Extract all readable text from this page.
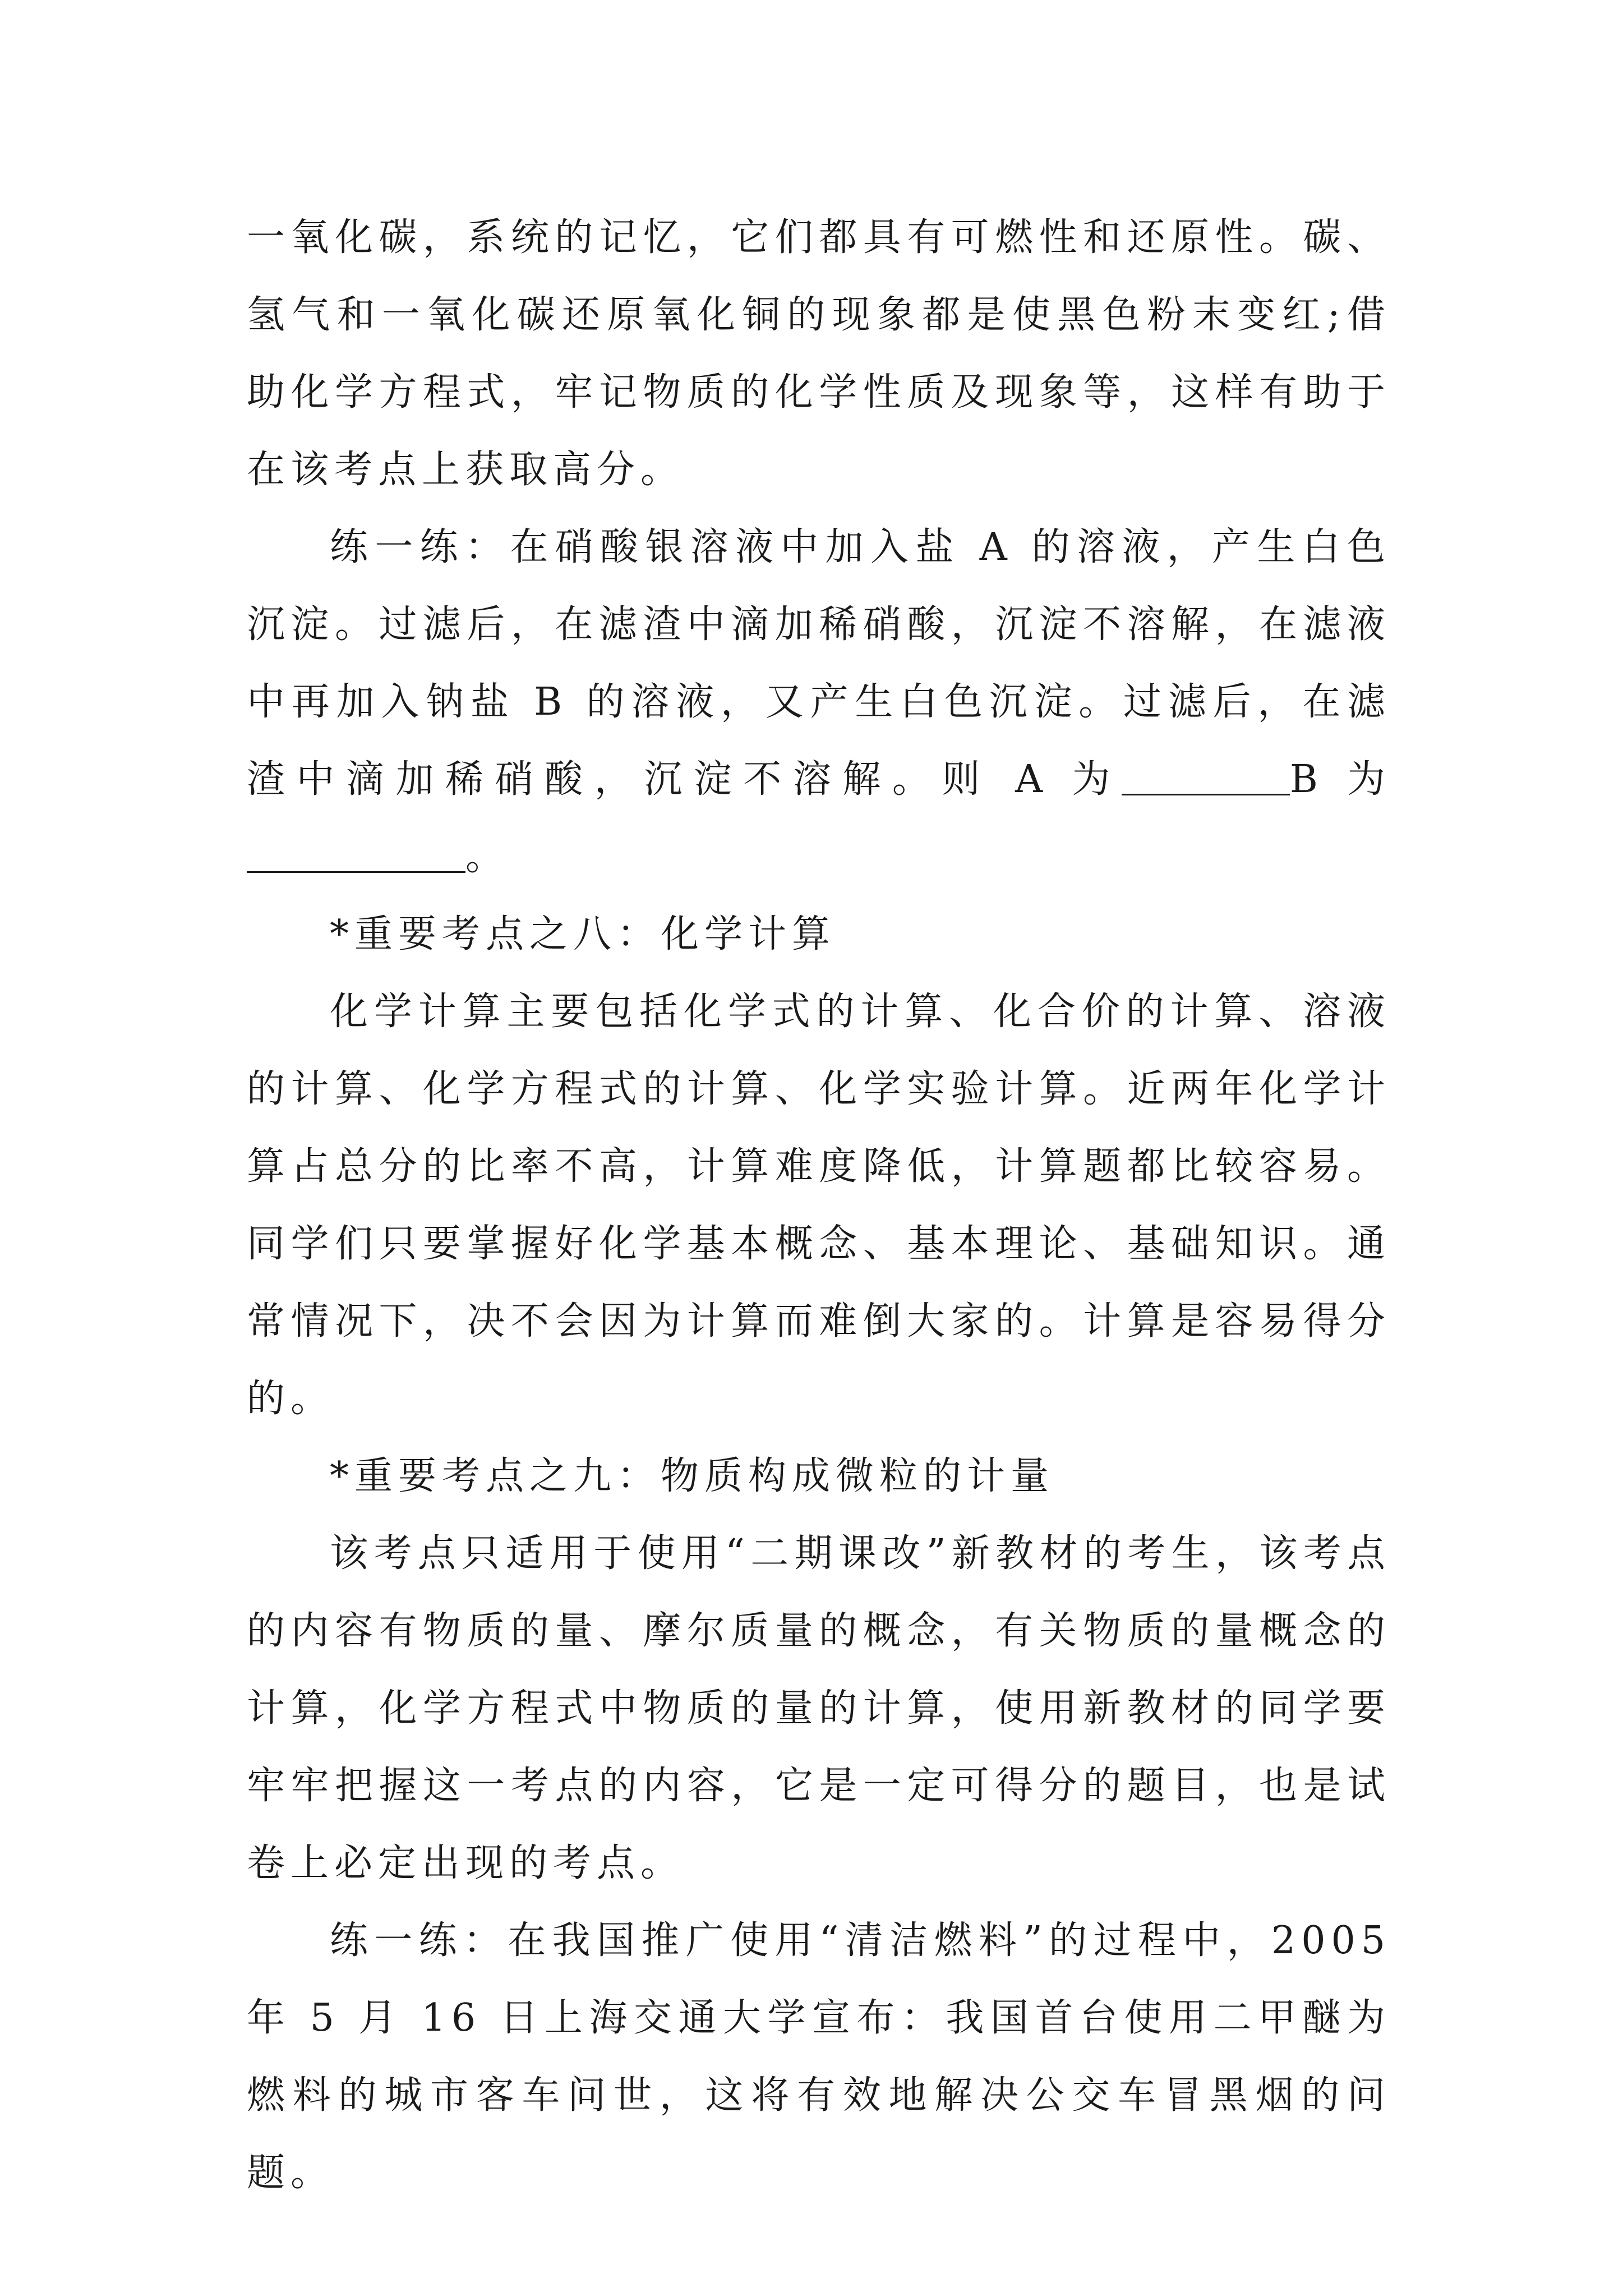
一氧化碳，系统的记忆，它们都具有可燃性和还原性。碳、氢气和一氧化碳还原氧化铜的现象都是使黑色粉末变红;借助化学方程式，牢记物质的化学性质及现象等，这样有助于在该考点上获取高分。

练一练：在硝酸银溶液中加入盐 A 的溶液，产生白色沉淀。过滤后，在滤渣中滴加稀硝酸，沉淀不溶解，在滤液中再加入钠盐 B 的溶液，又产生白色沉淀。过滤后，在滤渣中滴加稀硝酸，沉淀不溶解。则 A 为	B 为。

*重要考点之八：化学计算

化学计算主要包括化学式的计算、化合价的计算、溶液的计算、化学方程式的计算、化学实验计算。近两年化学计算占总分的比率不高，计算难度降低，计算题都比较容易。同学们只要掌握好化学基本概念、基本理论、基础知识。通常情况下，决不会因为计算而难倒大家的。计算是容易得分的。

*重要考点之九：物质构成微粒的计量

该考点只适用于使用“二期课改”新教材的考生，该考点的内容有物质的量、摩尔质量的概念，有关物质的量概念的计算，化学方程式中物质的量的计算，使用新教材的同学要牢牢把握这一考点的内容，它是一定可得分的题目，也是试卷上必定出现的考点。

练一练：在我国推广使用“清洁燃料”的过程中，2005 年 5 月 16 日上海交通大学宣布：我国首台使用二甲醚为燃料的城市客车问世，这将有效地解决公交车冒黑烟的问题。
